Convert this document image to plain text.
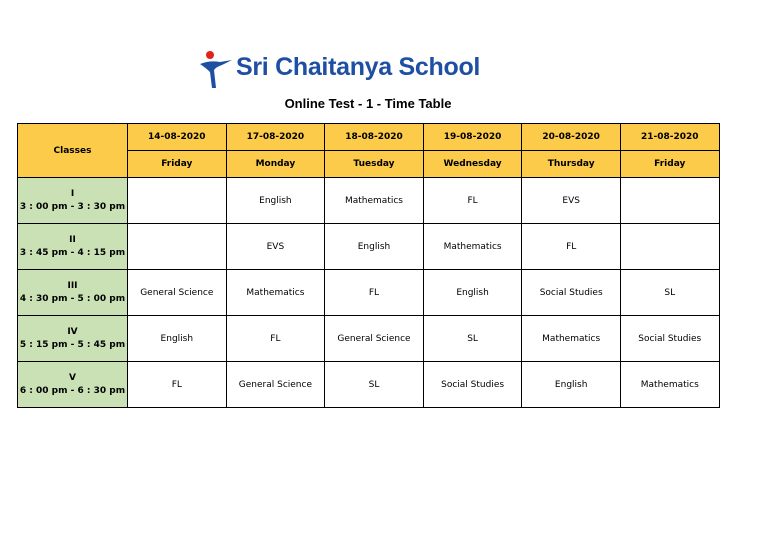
Sri Chaitanya School
Online Test - 1 - Time Table
Classes	14-08-2020	17-08-2020	18-08-2020	19-08-2020	20-08-2020	21-08-2020
	Friday	Monday	Tuesday	Wednesday	Thursday	Friday

I
3 : 00 pm - 3 : 30 pm		English	Mathematics	FL	EVS	

II
3 : 45 pm - 4 : 15 pm		EVS	English	Mathematics	FL	

III
4 : 30 pm - 5 : 00 pm	General Science	Mathematics	FL	English	Social Studies	SL

IV
5 : 15 pm - 5 : 45 pm	English	FL	General Science	SL	Mathematics	Social Studies

V
6 : 00 pm - 6 : 30 pm	FL	General Science	SL	Social Studies	English	Mathematics
